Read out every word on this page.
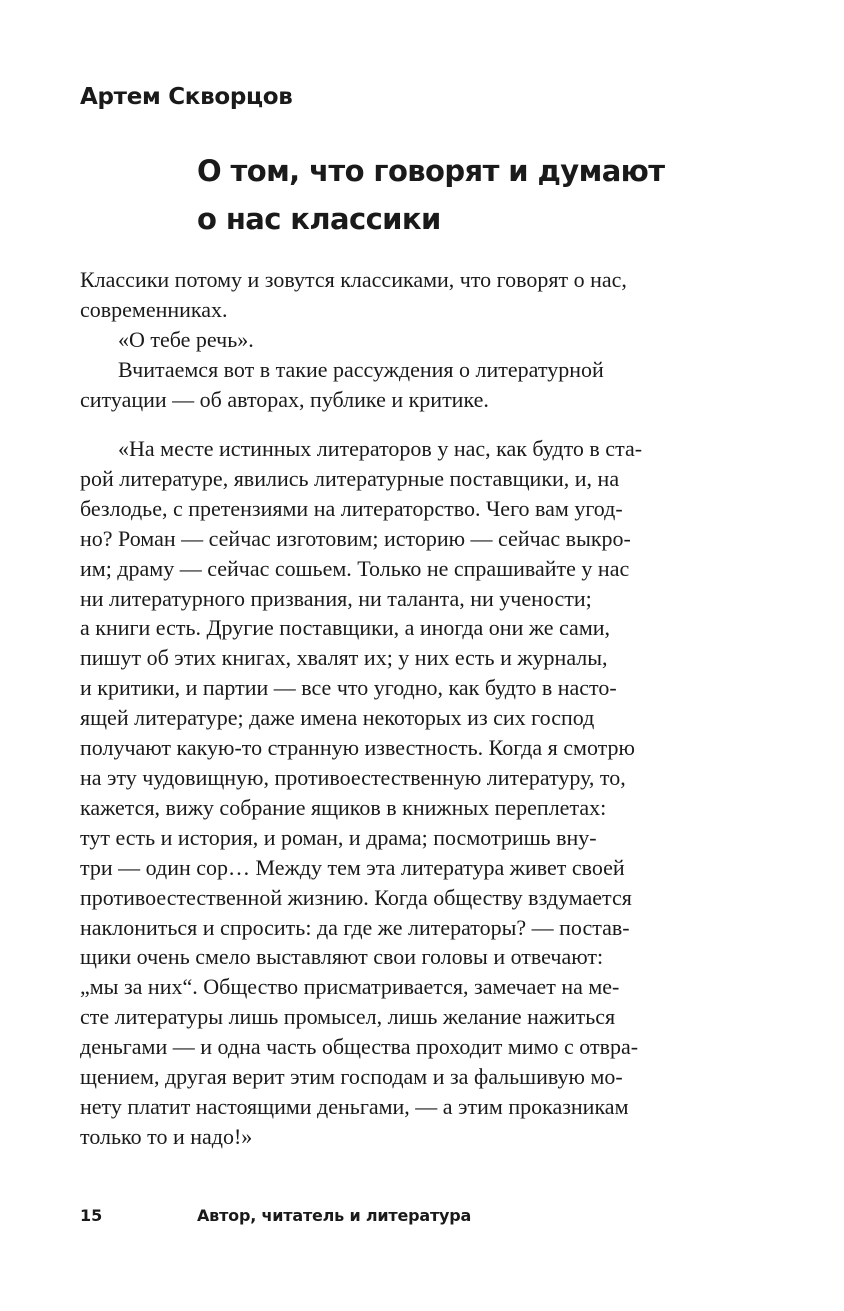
Артем Скворцов
О том, что говорят и думают
о нас классики
Классики потому и зовутся классиками, что говорят о нас,
современниках.
«О тебе речь».
Вчитаемся вот в такие рассуждения о литературной
ситуации — об авторах, публике и критике.
«На месте истинных литераторов у нас, как будто в ста-
рой литературе, явились литературные поставщики, и, на
безлодье, с претензиями на литераторство. Чего вам угод-
но? Роман — сейчас изготовим; историю — сейчас выкро-
им; драму — сейчас сошьем. Только не спрашивайте у нас
ни литературного призвания, ни таланта, ни учености;
а книги есть. Другие поставщики, а иногда они же сами,
пишут об этих книгах, хвалят их; у них есть и журналы,
и критики, и партии — все что угодно, как будто в насто-
ящей литературе; даже имена некоторых из сих господ
получают какую-то странную известность. Когда я смотрю
на эту чудовищную, противоестественную литературу, то,
кажется, вижу собрание ящиков в книжных переплетах:
тут есть и история, и роман, и драма; посмотришь вну-
три — один сор… Между тем эта литература живет своей
противоестественной жизнию. Когда обществу вздумается
наклониться и спросить: да где же литераторы? — постав-
щики очень смело выставляют свои головы и отвечают:
„мы за них“. Общество присматривается, замечает на ме-
сте литературы лишь промысел, лишь желание нажиться
деньгами — и одна часть общества проходит мимо с отвра-
щением, другая верит этим господам и за фальшивую мо-
нету платит настоящими деньгами, — а этим проказникам
только то и надо!»
15	Автор, читатель и литература
